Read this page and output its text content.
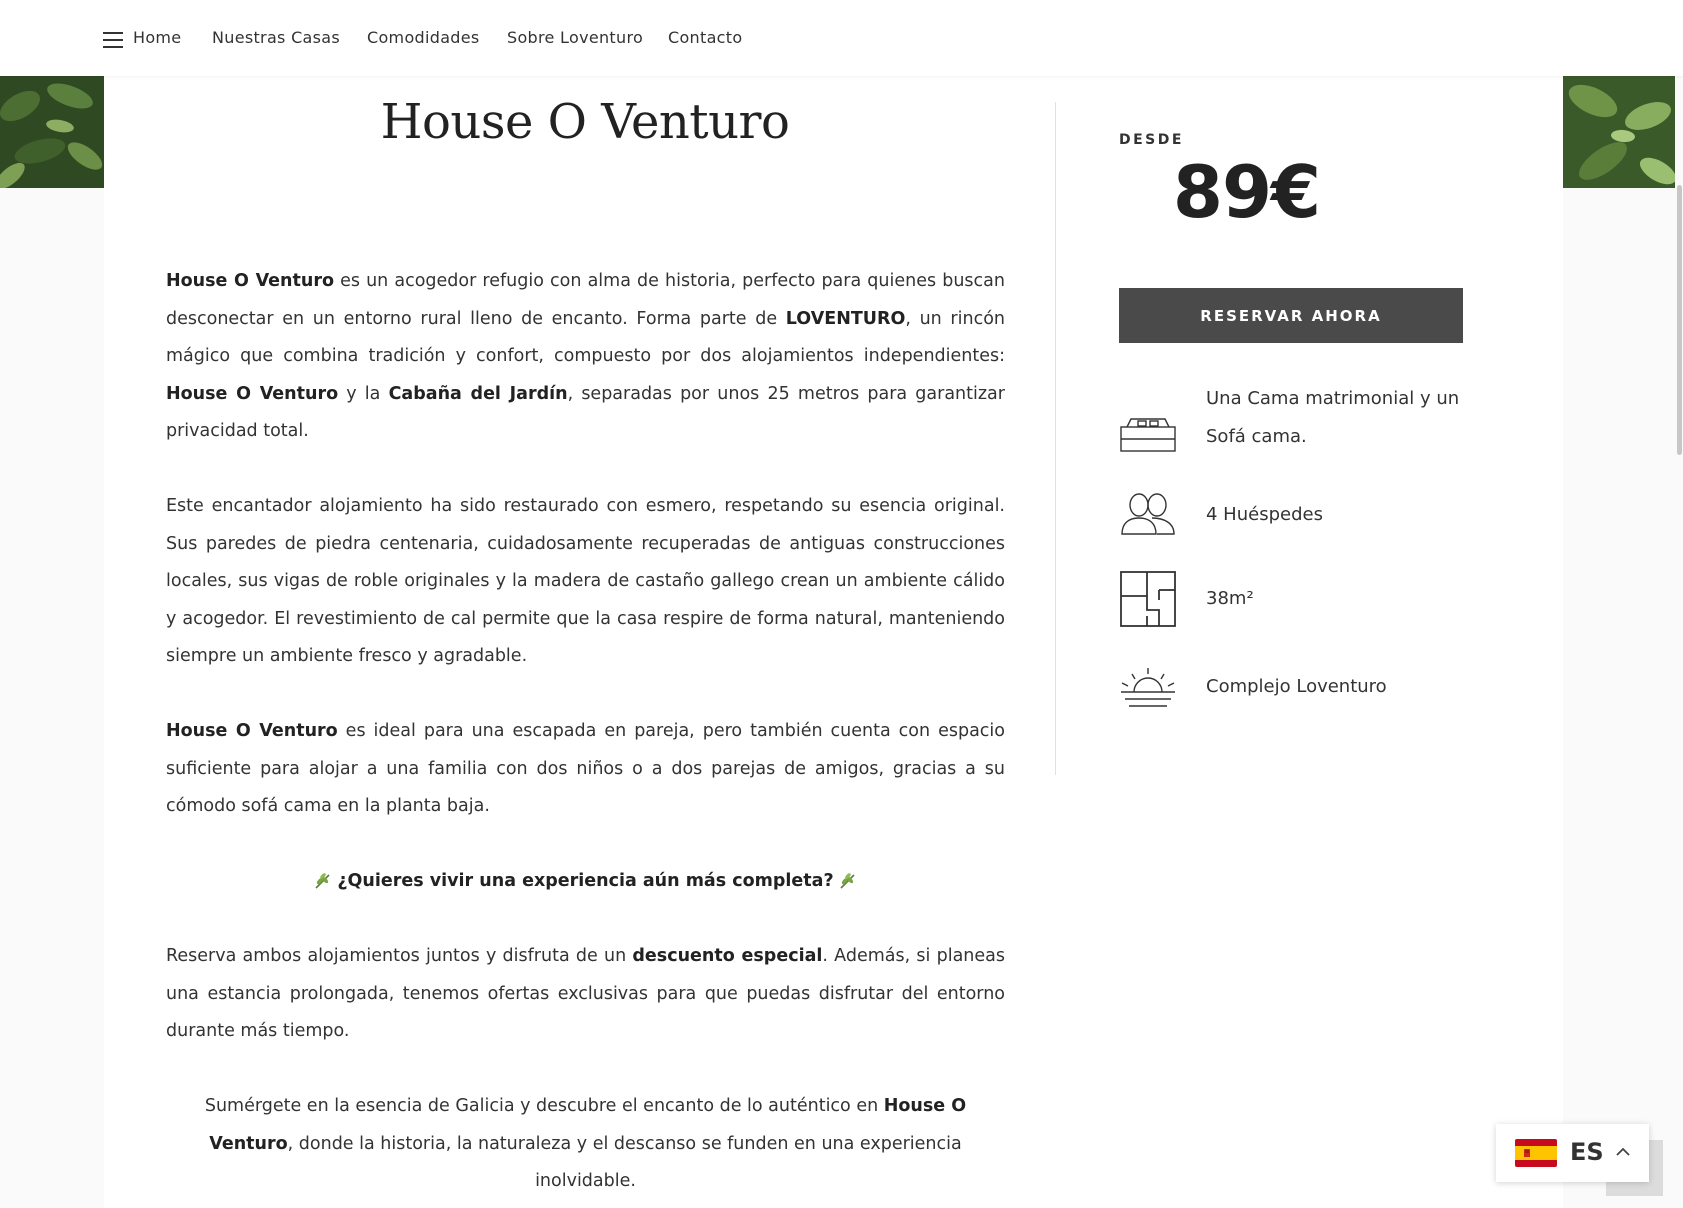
Home Nuestras Casas Comodidades Sobre Loventuro Contacto
House O Venturo

House O Venturo es un acogedor refugio con alma de historia, perfecto para quienes buscan desconectar en un entorno rural lleno de encanto. Forma parte de LOVENTURO, un rincón mágico que combina tradición y confort, compuesto por dos alojamientos independientes: House O Venturo y la Cabaña del Jardín, separadas por unos 25 metros para garantizar privacidad total.

Este encantador alojamiento ha sido restaurado con esmero, respetando su esencia original. Sus paredes de piedra centenaria, cuidadosamente recuperadas de antiguas construcciones locales, sus vigas de roble originales y la madera de castaño gallego crean un ambiente cálido y acogedor. El revestimiento de cal permite que la casa respire de forma natural, manteniendo siempre un ambiente fresco y agradable.

House O Venturo es ideal para una escapada en pareja, pero también cuenta con espacio suficiente para alojar a una familia con dos niños o a dos parejas de amigos, gracias a su cómodo sofá cama en la planta baja.

¿Quieres vivir una experiencia aún más completa?

Reserva ambos alojamientos juntos y disfruta de un descuento especial. Además, si planeas una estancia prolongada, tenemos ofertas exclusivas para que puedas disfrutar del entorno durante más tiempo.

Sumérgete en la esencia de Galicia y descubre el encanto de lo auténtico en House O Venturo, donde la historia, la naturaleza y el descanso se funden en una experiencia inolvidable.

DESDE
89€
RESERVAR AHORA
Una Cama matrimonial y un Sofá cama.
4 Huéspedes
38m²
Complejo Loventuro
ES
